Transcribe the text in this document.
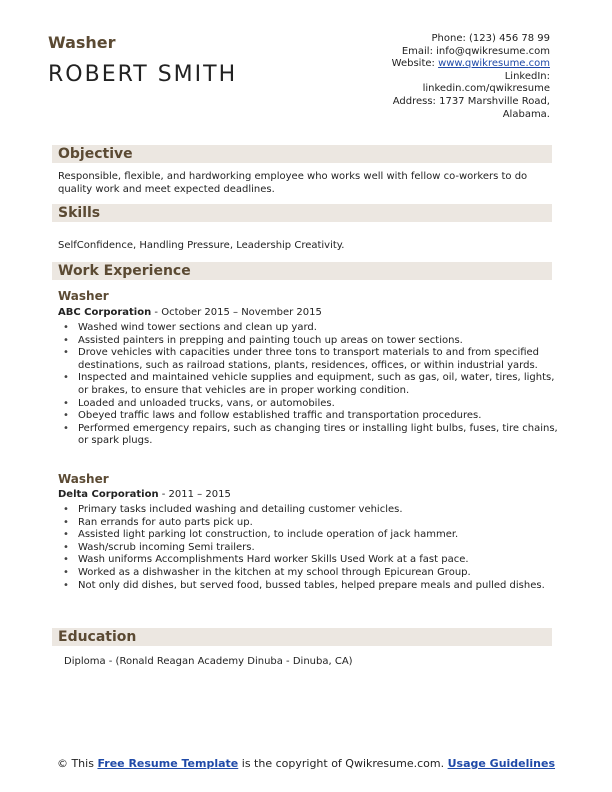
Washer
ROBERT SMITH
Phone: (123) 456 78 99
Email: info@qwikresume.com
Website: www.qwikresume.com
LinkedIn:
linkedin.com/qwikresume
Address: 1737 Marshville Road,
Alabama.
Objective
Responsible, flexible, and hardworking employee who works well with fellow co-workers to do quality work and meet expected deadlines.
Skills
SelfConfidence, Handling Pressure, Leadership Creativity.
Work Experience
Washer
ABC Corporation - October 2015 – November 2015
• Washed wind tower sections and clean up yard.
• Assisted painters in prepping and painting touch up areas on tower sections.
• Drove vehicles with capacities under three tons to transport materials to and from specified destinations, such as railroad stations, plants, residences, offices, or within industrial yards.
• Inspected and maintained vehicle supplies and equipment, such as gas, oil, water, tires, lights, or brakes, to ensure that vehicles are in proper working condition.
• Loaded and unloaded trucks, vans, or automobiles.
• Obeyed traffic laws and follow established traffic and transportation procedures.
• Performed emergency repairs, such as changing tires or installing light bulbs, fuses, tire chains, or spark plugs.
Washer
Delta Corporation - 2011 – 2015
• Primary tasks included washing and detailing customer vehicles.
• Ran errands for auto parts pick up.
• Assisted light parking lot construction, to include operation of jack hammer.
• Wash/scrub incoming Semi trailers.
• Wash uniforms Accomplishments Hard worker Skills Used Work at a fast pace.
• Worked as a dishwasher in the kitchen at my school through Epicurean Group.
• Not only did dishes, but served food, bussed tables, helped prepare meals and pulled dishes.
Education
Diploma - (Ronald Reagan Academy Dinuba - Dinuba, CA)
© This Free Resume Template is the copyright of Qwikresume.com. Usage Guidelines
